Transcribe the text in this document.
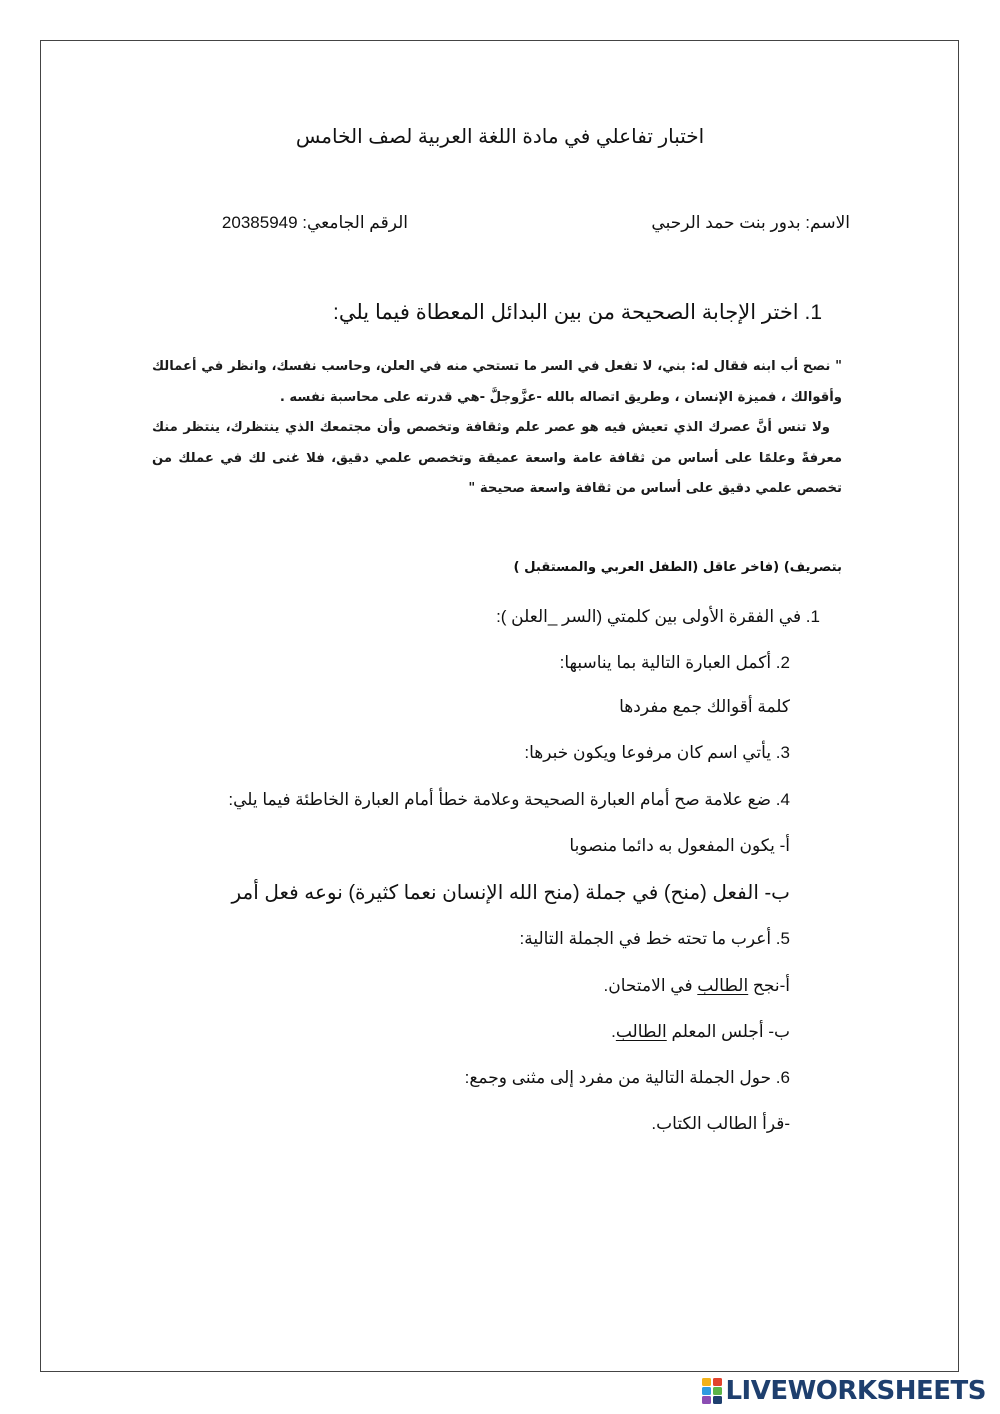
اختبار تفاعلي في مادة اللغة العربية لصف الخامس
الاسم: بدور بنت حمد الرحبي
الرقم الجامعي: 20385949
1. اختر الإجابة الصحيحة من بين البدائل المعطاة فيما يلي:

" نصح أب ابنه فقال له: بني، لا تفعل في السر ما تستحي منه في العلن، وحاسب نفسك، وانظر في أعمالك وأقوالك ، فميزة الإنسان ، وطريق اتصاله بالله -عزَّوجلَّ -هي قدرته على محاسبة نفسه .

ولا تنس أنَّ عصرك الذي تعيش فيه هو عصر علم وثقافة وتخصص وأن مجتمعك الذي ينتظرك، ينتظر منك معرفةً وعلمًا على أساس من ثقافة عامة واسعة عميقة وتخصص علمي دقيق، فلا غنى لك في عملك من تخصص علمي دقيق على أساس من ثقافة واسعة صحيحة "

بتصريف) (فاخر عاقل (الطفل العربي والمستقبل )
1. في الفقرة الأولى بين كلمتي (السر _العلن ):
2. أكمل العبارة التالية بما يناسبها:
كلمة أقوالك جمع مفردها
3. يأتي اسم كان مرفوعا ويكون خبرها:
4. ضع علامة صح أمام العبارة الصحيحة وعلامة خطأ أمام العبارة الخاطئة فيما يلي:
أ- يكون المفعول به دائما منصوبا
ب- الفعل (منح) في جملة (منح الله الإنسان نعما كثيرة) نوعه فعل أمر
5. أعرب ما تحته خط في الجملة التالية:
أ-نجح الطالب في الامتحان.
ب- أجلس المعلم الطالب.
6. حول الجملة التالية من مفرد إلى مثنى وجمع:
-قرأ الطالب الكتاب.
LIVEWORKSHEETS
